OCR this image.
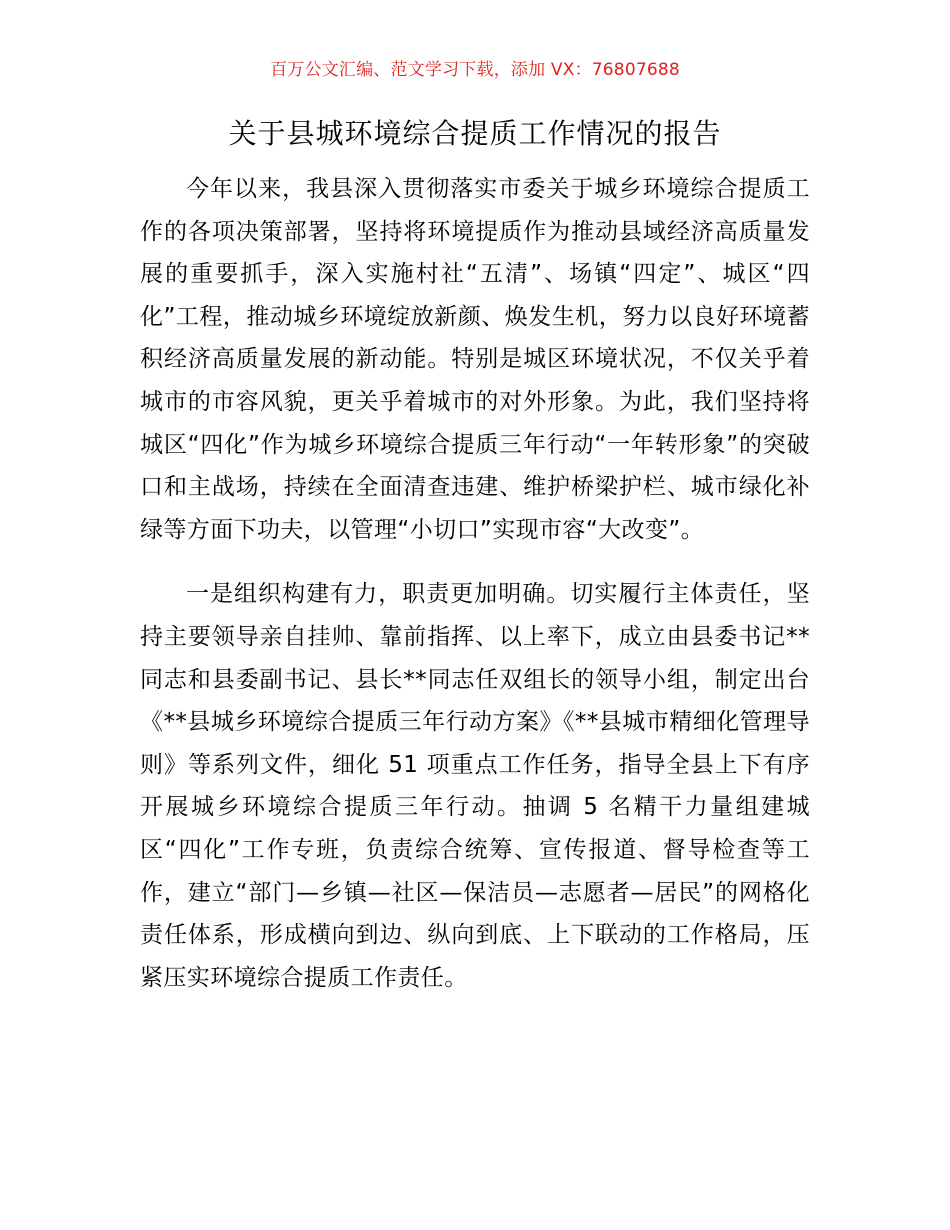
百万公文汇编、范文学习下载，添加 VX：76807688
关于县城环境综合提质工作情况的报告

今年以来，我县深入贯彻落实市委关于城乡环境综合提质工作的各项决策部署，坚持将环境提质作为推动县域经济高质量发展的重要抓手，深入实施村社“五清”、场镇“四定”、城区“四化”工程，推动城乡环境绽放新颜、焕发生机，努力以良好环境蓄积经济高质量发展的新动能。特别是城区环境状况，不仅关乎着城市的市容风貌，更关乎着城市的对外形象。为此，我们坚持将城区“四化”作为城乡环境综合提质三年行动“一年转形象”的突破口和主战场，持续在全面清查违建、维护桥梁护栏、城市绿化补绿等方面下功夫，以管理“小切口”实现市容“大改变”。

一是组织构建有力，职责更加明确。切实履行主体责任，坚持主要领导亲自挂帅、靠前指挥、以上率下，成立由县委书记**同志和县委副书记、县长**同志任双组长的领导小组，制定出台《**县城乡环境综合提质三年行动方案》《**县城市精细化管理导则》等系列文件，细化 51 项重点工作任务，指导全县上下有序开展城乡环境综合提质三年行动。抽调 5 名精干力量组建城区“四化”工作专班，负责综合统筹、宣传报道、督导检查等工作，建立“部门—乡镇—社区—保洁员—志愿者—居民”的网格化责任体系，形成横向到边、纵向到底、上下联动的工作格局，压紧压实环境综合提质工作责任。
